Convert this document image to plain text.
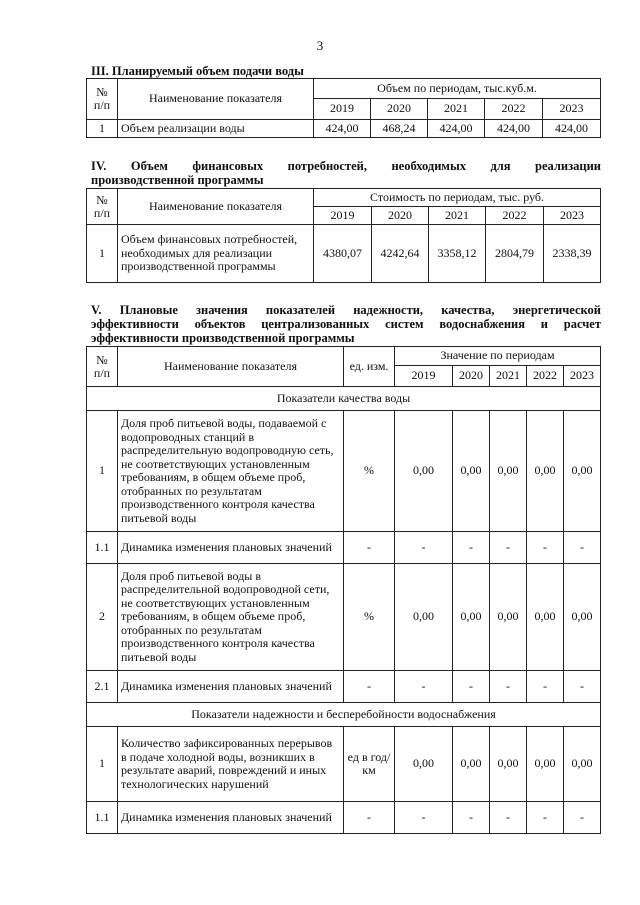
3
III. Планируемый объем подачи воды
№ п/п	Наименование показателя	Объем по периодам, тыс.куб.м.				
		2019	2020	2021	2022	2023
1	Объем реализации воды	424,00	468,24	424,00	424,00	424,00
IV. Объем финансовых потребностей, необходимых для реализации
производственной программы
№ п/п	Наименование показателя	Стоимость по периодам, тыс. руб.				
		2019	2020	2021	2022	2023
1	Объем финансовых потребностей, необходимых для реализации производственной программы	4380,07	4242,64	3358,12	2804,79	2338,39
V. Плановые значения показателей надежности, качества, энергетической эффективности объектов централизованных систем водоснабжения и расчет эффективности производственной программы
№ п/п	Наименование показателя	ед. изм.	Значение по периодам				
			2019	2020	2021	2022	2023
Показатели качества воды							
1	Доля проб питьевой воды, подаваемой с водопроводных станций в распределительную водопроводную сеть, не соответствующих установленным требованиям, в общем объеме проб, отобранных по результатам производственного контроля качества питьевой воды	%	0,00	0,00	0,00	0,00	0,00
1.1	Динамика изменения плановых значений	-	-	-	-	-	-
2	Доля проб питьевой воды в распределительной водопроводной сети, не соответствующих установленным требованиям, в общем объеме проб, отобранных по результатам производственного контроля качества питьевой воды	%	0,00	0,00	0,00	0,00	0,00
2.1	Динамика изменения плановых значений	-	-	-	-	-	-
Показатели надежности и бесперебойности водоснабжения							
1	Количество зафиксированных перерывов в подаче холодной воды, возникших в результате аварий, повреждений и иных технологических нарушений	ед в год/ км	0,00	0,00	0,00	0,00	0,00
1.1	Динамика изменения плановых значений	-	-	-	-	-	-
